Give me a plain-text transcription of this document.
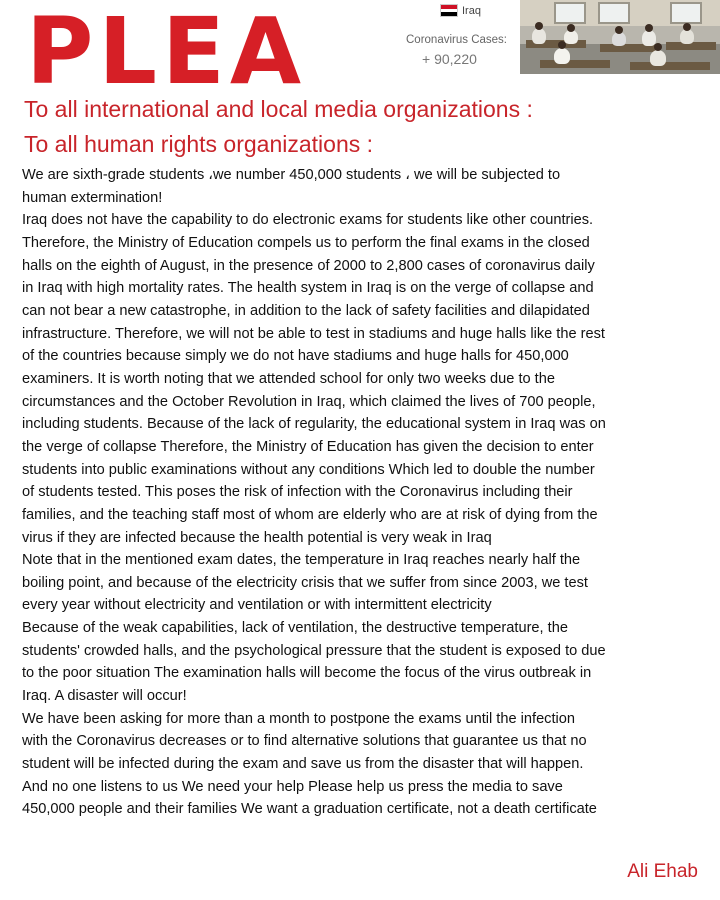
PLEA	Iraq
Coronavirus Cases:
+ 90,220
To all international and local media organizations :
To all human rights organizations :
We are sixth-grade students ،we number 450,000 students ، we will be subjected to
human extermination!
Iraq does not have the capability to do electronic exams for students like other countries.
Therefore, the Ministry of Education compels us to perform the final exams in the closed
halls on the eighth of August, in the presence of 2000 to 2,800 cases of coronavirus daily
in Iraq with high mortality rates. The health system in Iraq is on the verge of collapse and
can not bear a new catastrophe, in addition to the lack of safety facilities and dilapidated
infrastructure. Therefore, we will not be able to test in stadiums and huge halls like the rest
of the countries because simply we do not have stadiums and huge halls for 450,000
examiners. It is worth noting that we attended school for only two weeks due to the
circumstances and the October Revolution in Iraq, which claimed the lives of 700 people,
including students. Because of the lack of regularity, the educational system in Iraq was on
the verge of collapse Therefore, the Ministry of Education has given the decision to enter
students into public examinations without any conditions Which led to double the number
of students tested. This poses the risk of infection with the Coronavirus including their
families, and the teaching staff most of whom are elderly who are at risk of dying from the
virus if they are infected because the health potential is very weak in Iraq
Note that in the mentioned exam dates, the temperature in Iraq reaches nearly half the
boiling point, and because of the electricity crisis that we suffer from since 2003, we test
every year without electricity and ventilation or with intermittent electricity
Because of the weak capabilities, lack of ventilation, the destructive temperature, the
students' crowded halls, and the psychological pressure that the student is exposed to due
to the poor situation The examination halls will become the focus of the virus outbreak in
Iraq. A disaster will occur!
We have been asking for more than a month to postpone the exams until the infection
with the Coronavirus decreases or to find alternative solutions that guarantee us that no
student will be infected during the exam and save us from the disaster that will happen.
And no one listens to us We need your help Please help us press the media to save
450,000 people and their families We want a graduation certificate, not a death certificate
Ali Ehab
